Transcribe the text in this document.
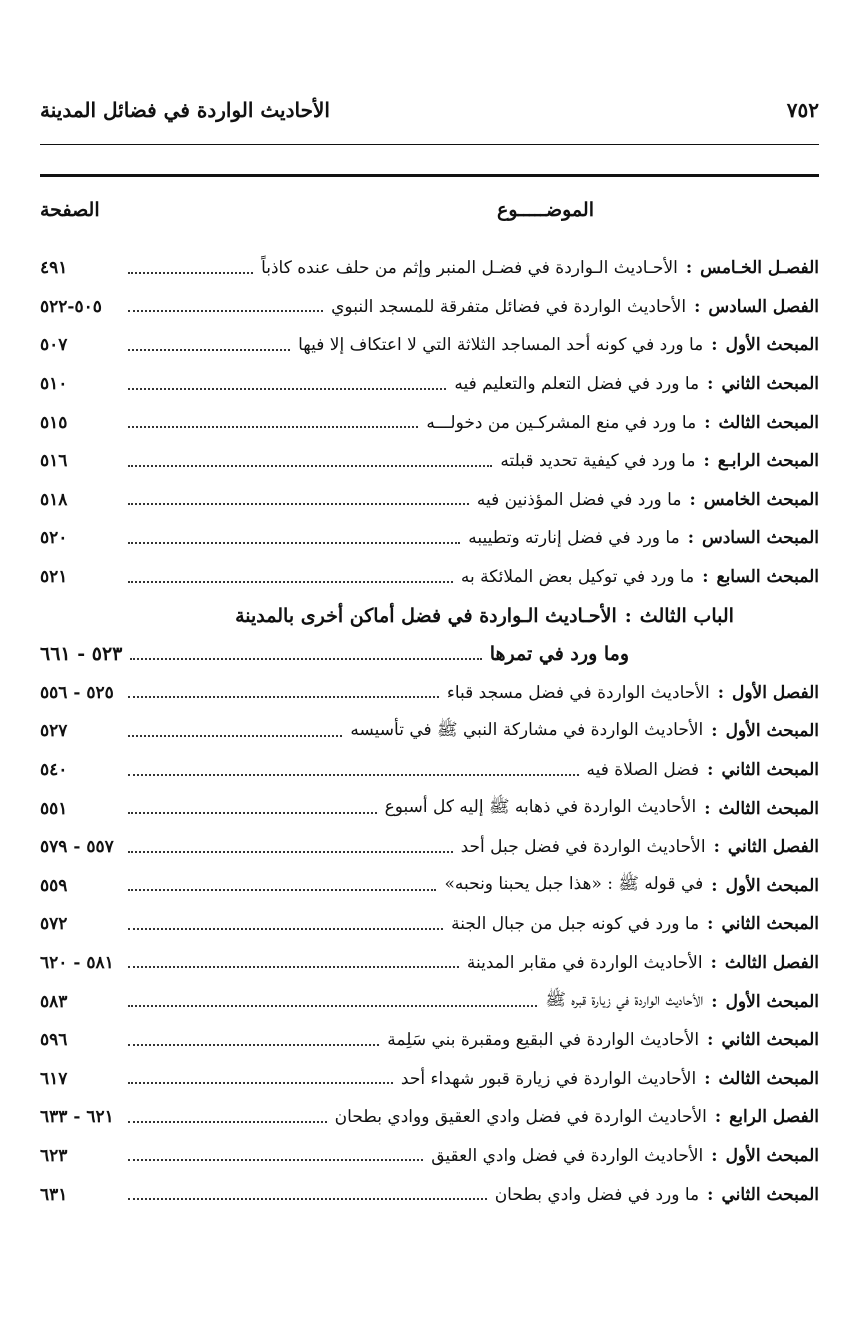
الأحاديث الواردة في فضائل المدينة	٧٥٢
الصفحة	الموضـــــوع
الفصـل الخـامس
:
الأحـاديث الـواردة في فضـل المنبر وإثم من حلف عنده كاذباً
٤٩١
الفصل السادس
:
الأحاديث الواردة في فضائل متفرقة للمسجد النبوي
٥٠٥-٥٢٢
المبحث الأول
:
ما ورد في كونه أحد المساجد الثلاثة التي لا اعتكاف إلا فيها
٥٠٧
المبحث الثاني
:
ما ورد في فضل التعلم والتعليم فيه
٥١٠
المبحث الثالث
:
ما ورد في منع المشركـين من دخولـــه
٥١٥
المبحث الرابـع
:
ما ورد في كيفية تحديد قبلته
٥١٦
المبحث الخامس
:
ما ورد في فضل المؤذنين فيه
٥١٨
المبحث السادس
:
ما ورد في فضل إنارته وتطييبه
٥٢٠
المبحث السابع
:
ما ورد في توكيل بعض الملائكة به
٥٢١
الباب الثالث
:
الأحـاديث الـواردة في فضل أماكن أخرى بالمدينة
وما ورد في تمرها
٥٢٣ - ٦٦١
الفصل الأول
:
الأحاديث الواردة في فضل مسجد قباء
٥٢٥ - ٥٥٦
المبحث الأول
:
الأحاديث الواردة في مشاركة النبي ﷺ في تأسيسه
٥٢٧
المبحث الثاني
:
فضل الصلاة فيه
٥٤٠
المبحث الثالث
:
الأحاديث الواردة في ذهابه ﷺ إليه كل أسبوع
٥٥١
الفصل الثاني
:
الأحاديث الواردة في فضل جبل أحد
٥٥٧ - ٥٧٩
المبحث الأول
:
في قوله ﷺ : «هذا جبل يحبنا ونحبه»
٥٥٩
المبحث الثاني
:
ما ورد في كونه جبل من جبال الجنة
٥٧٢
الفصل الثالث
:
الأحاديث الواردة في مقابر المدينة
٥٨١ - ٦٢٠
المبحث الأول
:
الأحاديث الواردة في زيارة قبره ﷺ
٥٨٣
المبحث الثاني
:
الأحاديث الواردة في البقيع ومقبرة بني سَلِمة
٥٩٦
المبحث الثالث
:
الأحاديث الواردة في زيارة قبور شهداء أحد
٦١٧
الفصل الرابع
:
الأحاديث الواردة في فضل وادي العقيق ووادي بطحان
٦٢١ - ٦٣٣
المبحث الأول
:
الأحاديث الواردة في فضل وادي العقيق
٦٢٣
المبحث الثاني
:
ما ورد في فضل وادي بطحان
٦٣١
